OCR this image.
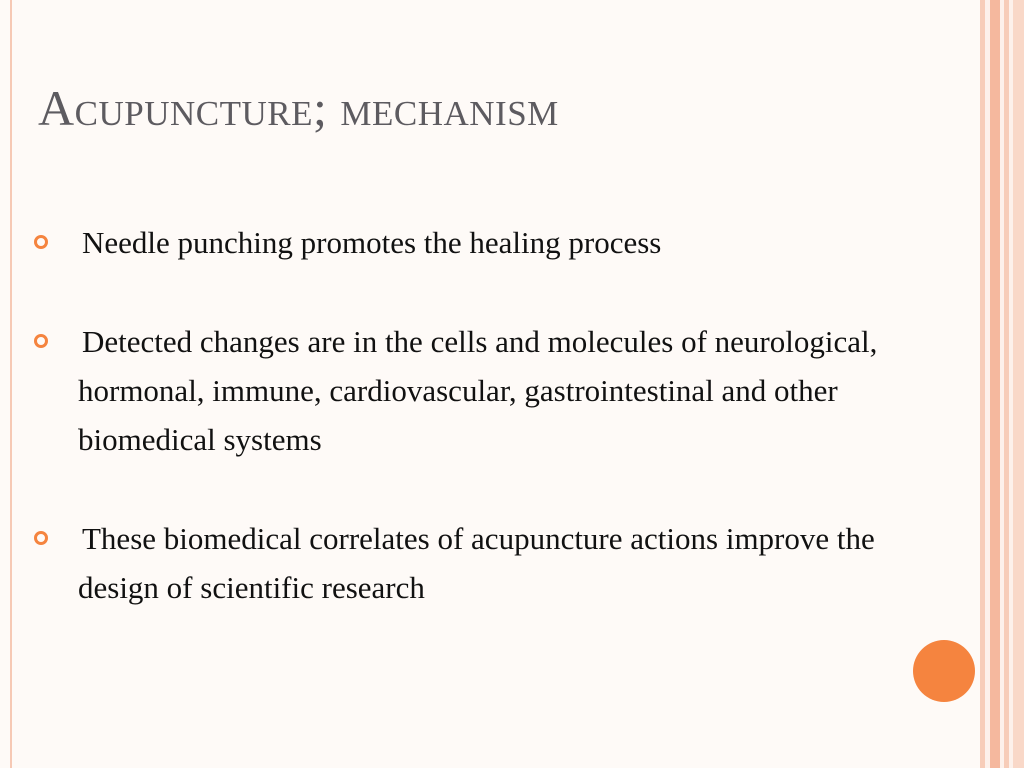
Acupuncture; mechanism
Needle punching promotes the healing process
Detected changes are in the cells and molecules of neurological, hormonal, immune, cardiovascular, gastrointestinal and other biomedical systems
These biomedical correlates of acupuncture actions improve the design of scientific research
